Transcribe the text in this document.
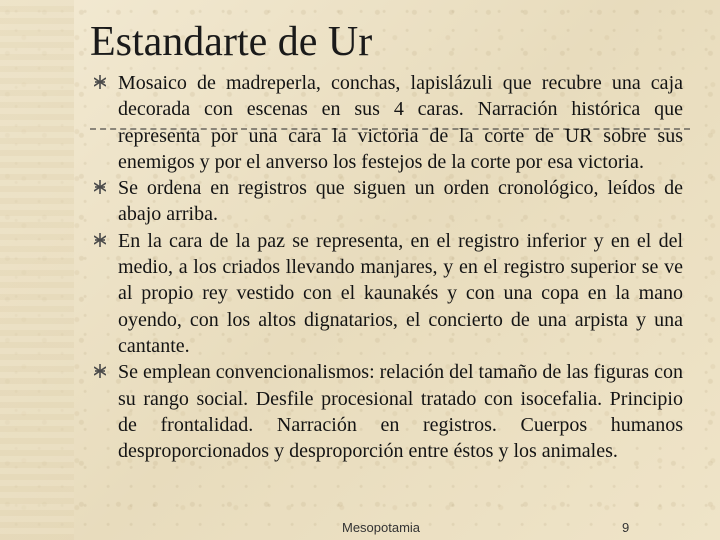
Estandarte de Ur
Mosaico de madreperla, conchas, lapislázuli que recubre una caja decorada con escenas en sus 4 caras. Narración histórica que representa por una cara la victoria de la corte de UR sobre sus enemigos y por el anverso los festejos de la corte por esa victoria.
Se ordena en registros que siguen un orden cronológico, leídos de abajo arriba.
En la cara de la paz se representa, en el registro inferior y en el del medio, a los criados llevando manjares, y en el registro superior se ve al propio rey vestido con el kaunakés y con una copa en la mano oyendo, con los altos dignatarios, el concierto de una arpista y una cantante.
Se emplean convencionalismos: relación del tamaño de las figuras con su rango social. Desfile procesional tratado con isocefalia. Principio de frontalidad. Narración en registros. Cuerpos humanos desproporcionados y desproporción entre éstos y los animales.
Mesopotamia	9
